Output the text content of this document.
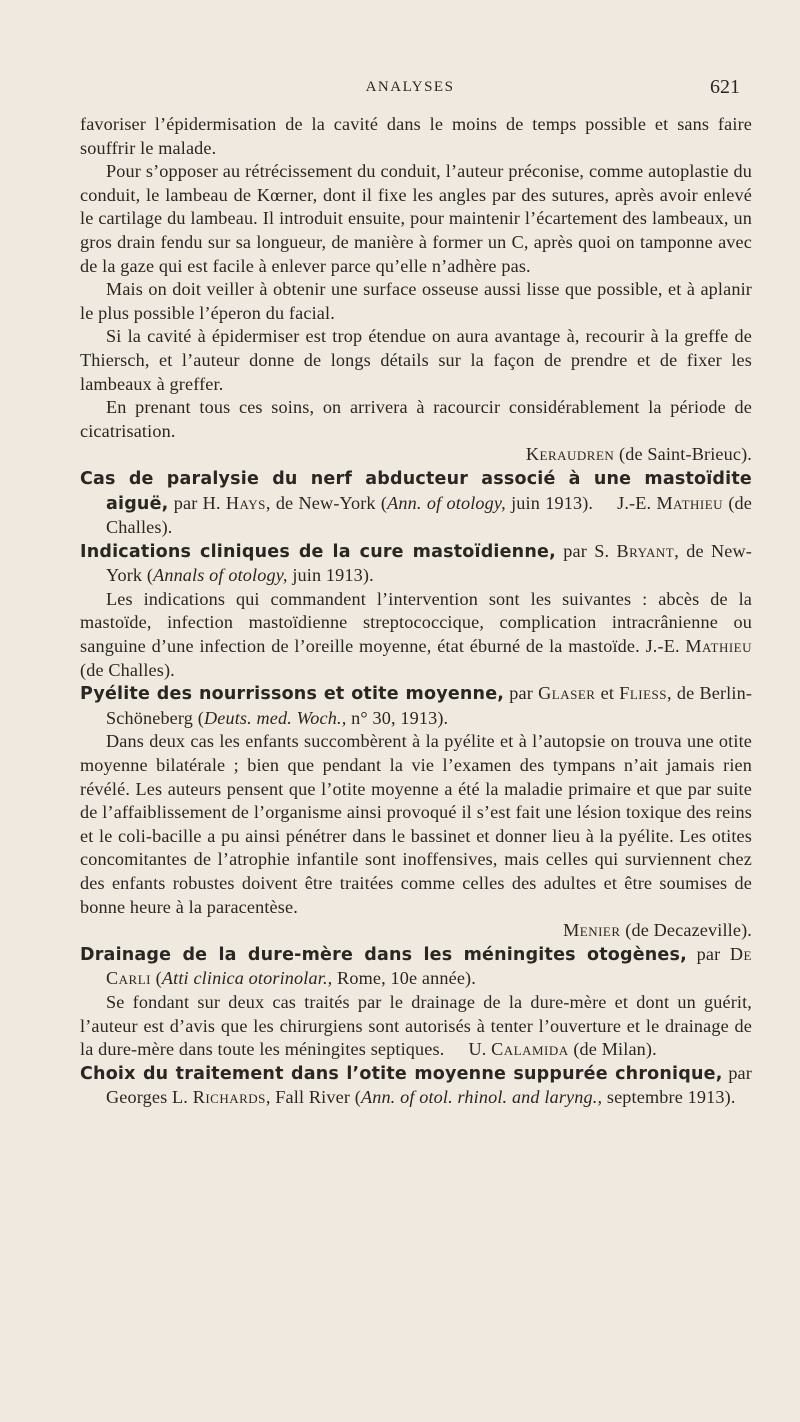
ANALYSES	621

favoriser l’épidermisation de la cavité dans le moins de temps possible et sans faire souffrir le malade.

Pour s’opposer au rétrécissement du conduit, l’auteur préconise, comme autoplastie du conduit, le lambeau de Kœrner, dont il fixe les angles par des sutures, après avoir enlevé le cartilage du lambeau. Il introduit ensuite, pour maintenir l’écartement des lambeaux, un gros drain fendu sur sa longueur, de manière à former un C, après quoi on tamponne avec de la gaze qui est facile à enlever parce qu’elle n’adhère pas.

Mais on doit veiller à obtenir une surface osseuse aussi lisse que possible, et à aplanir le plus possible l’éperon du facial.

Si la cavité à épidermiser est trop étendue on aura avantage à, recourir à la greffe de Thiersch, et l’auteur donne de longs détails sur la façon de prendre et de fixer les lambeaux à greffer.

En prenant tous ces soins, on arrivera à racourcir considérablement la période de cicatrisation.

Keraudren (de Saint-Brieuc).

Cas de paralysie du nerf abducteur associé à une mastoïdite aiguë, par H. Hays, de New-York (Ann. of otology, juin 1913). J.-E. Mathieu (de Challes).

Indications cliniques de la cure mastoïdienne, par S. Bryant, de New-York (Annals of otology, juin 1913).

Les indications qui commandent l’intervention sont les suivantes : abcès de la mastoïde, infection mastoïdienne streptococcique, complication intracrânienne ou sanguine d’une infection de l’oreille moyenne, état éburné de la mastoïde. J.-E. Mathieu (de Challes).

Pyélite des nourrissons et otite moyenne, par Glaser et Fliess, de Berlin-Schöneberg (Deuts. med. Woch., n° 30, 1913).

Dans deux cas les enfants succombèrent à la pyélite et à l’autopsie on trouva une otite moyenne bilatérale ; bien que pendant la vie l’examen des tympans n’ait jamais rien révélé. Les auteurs pensent que l’otite moyenne a été la maladie primaire et que par suite de l’affaiblissement de l’organisme ainsi provoqué il s’est fait une lésion toxique des reins et le coli-bacille a pu ainsi pénétrer dans le bassinet et donner lieu à la pyélite. Les otites concomitantes de l’atrophie infantile sont inoffensives, mais celles qui surviennent chez des enfants robustes doivent être traitées comme celles des adultes et être soumises de bonne heure à la paracentèse.

Menier (de Decazeville).

Drainage de la dure-mère dans les méningites otogènes, par De Carli (Atti clinica otorinolar., Rome, 10e année).

Se fondant sur deux cas traités par le drainage de la dure-mère et dont un guérit, l’auteur est d’avis que les chirurgiens sont autorisés à tenter l’ouverture et le drainage de la dure-mère dans toute les méningites septiques. U. Calamida (de Milan).

Choix du traitement dans l’otite moyenne suppurée chronique, par Georges L. Richards, Fall River (Ann. of otol. rhinol. and laryng., septembre 1913).
